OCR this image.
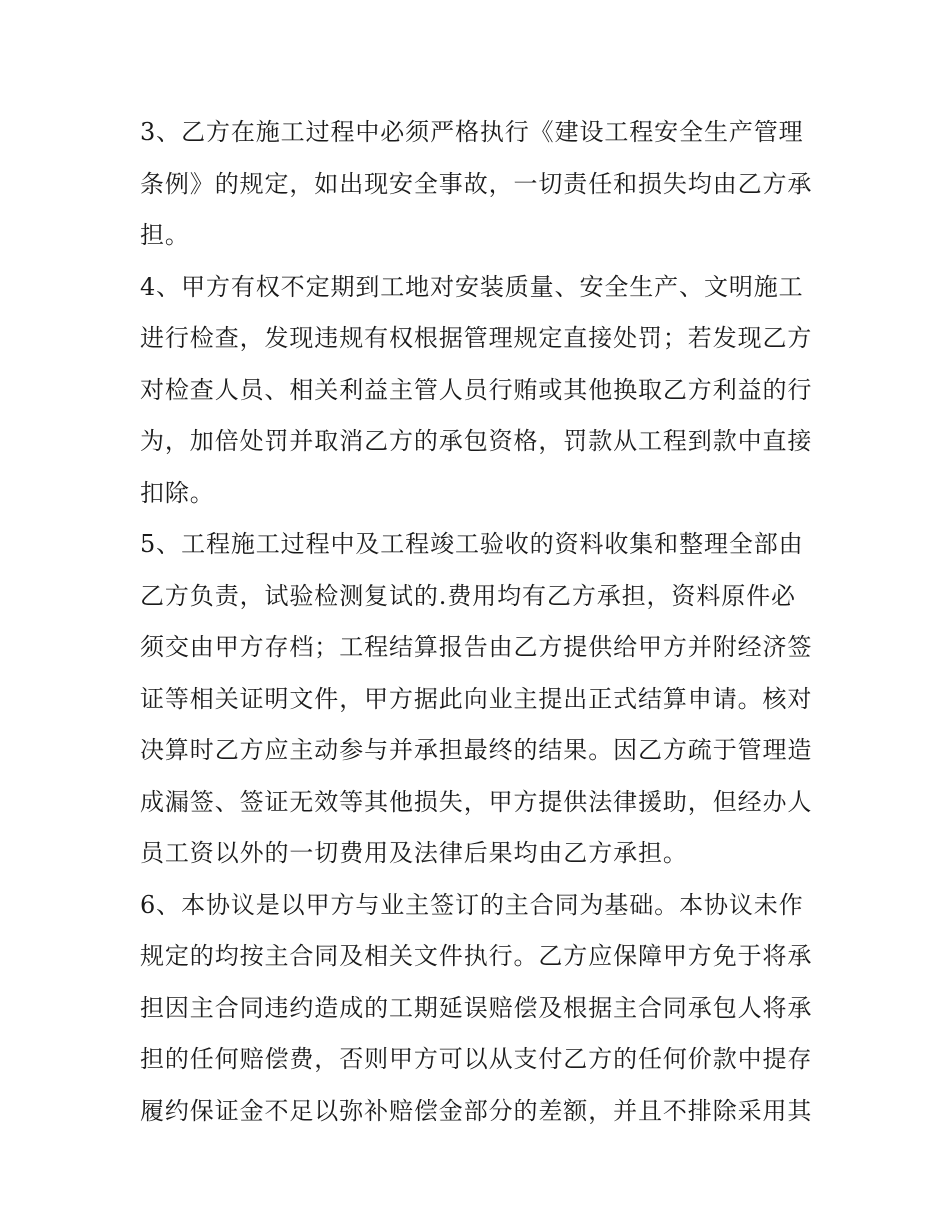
3、乙方在施工过程中必须严格执行《建设工程安全生产管理
条例》的规定，如出现安全事故，一切责任和损失均由乙方承
担。
4、甲方有权不定期到工地对安装质量、安全生产、文明施工
进行检查，发现违规有权根据管理规定直接处罚；若发现乙方
对检查人员、相关利益主管人员行贿或其他换取乙方利益的行
为，加倍处罚并取消乙方的承包资格，罚款从工程到款中直接
扣除。
5、工程施工过程中及工程竣工验收的资料收集和整理全部由
乙方负责，试验检测复试的.费用均有乙方承担，资料原件必
须交由甲方存档；工程结算报告由乙方提供给甲方并附经济签
证等相关证明文件，甲方据此向业主提出正式结算申请。核对
决算时乙方应主动参与并承担最终的结果。因乙方疏于管理造
成漏签、签证无效等其他损失，甲方提供法律援助，但经办人
员工资以外的一切费用及法律后果均由乙方承担。
6、本协议是以甲方与业主签订的主合同为基础。本协议未作
规定的均按主合同及相关文件执行。乙方应保障甲方免于将承
担因主合同违约造成的工期延误赔偿及根据主合同承包人将承
担的任何赔偿费，否则甲方可以从支付乙方的任何价款中提存
履约保证金不足以弥补赔偿金部分的差额，并且不排除采用其
